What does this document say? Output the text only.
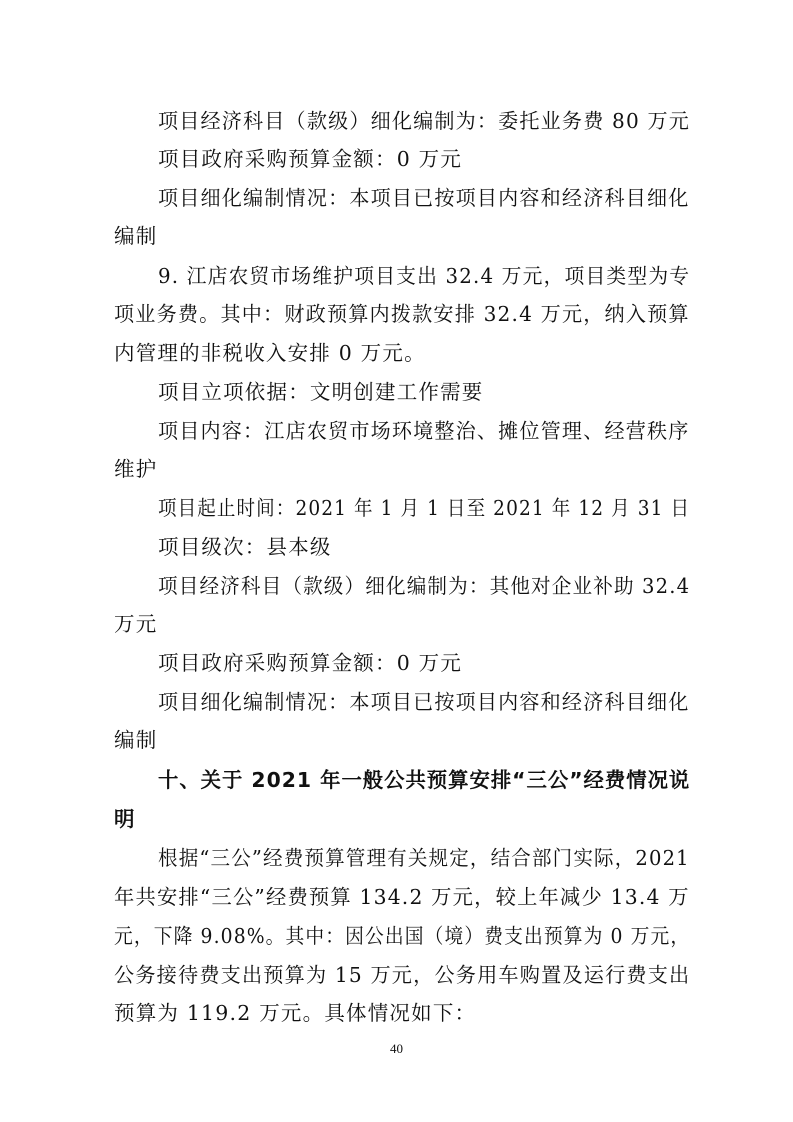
项目经济科目（款级）细化编制为：委托业务费 80 万元
项目政府采购预算金额：0 万元
项目细化编制情况：本项目已按项目内容和经济科目细化
编制
9. 江店农贸市场维护项目支出 32.4 万元，项目类型为专
项业务费。其中：财政预算内拨款安排 32.4 万元，纳入预算
内管理的非税收入安排 0 万元。
项目立项依据：文明创建工作需要
项目内容：江店农贸市场环境整治、摊位管理、经营秩序
维护
项目起止时间：2021 年 1 月 1 日至 2021 年 12 月 31 日
项目级次：县本级
项目经济科目（款级）细化编制为：其他对企业补助 32.4
万元
项目政府采购预算金额：0 万元
项目细化编制情况：本项目已按项目内容和经济科目细化
编制
十、关于 2021 年一般公共预算安排“三公”经费情况说
明
根据“三公”经费预算管理有关规定，结合部门实际，2021
年共安排“三公”经费预算 134.2 万元，较上年减少 13.4 万
元，下降 9.08%。其中：因公出国（境）费支出预算为 0 万元，
公务接待费支出预算为 15 万元，公务用车购置及运行费支出
预算为 119.2 万元。具体情况如下：
40
